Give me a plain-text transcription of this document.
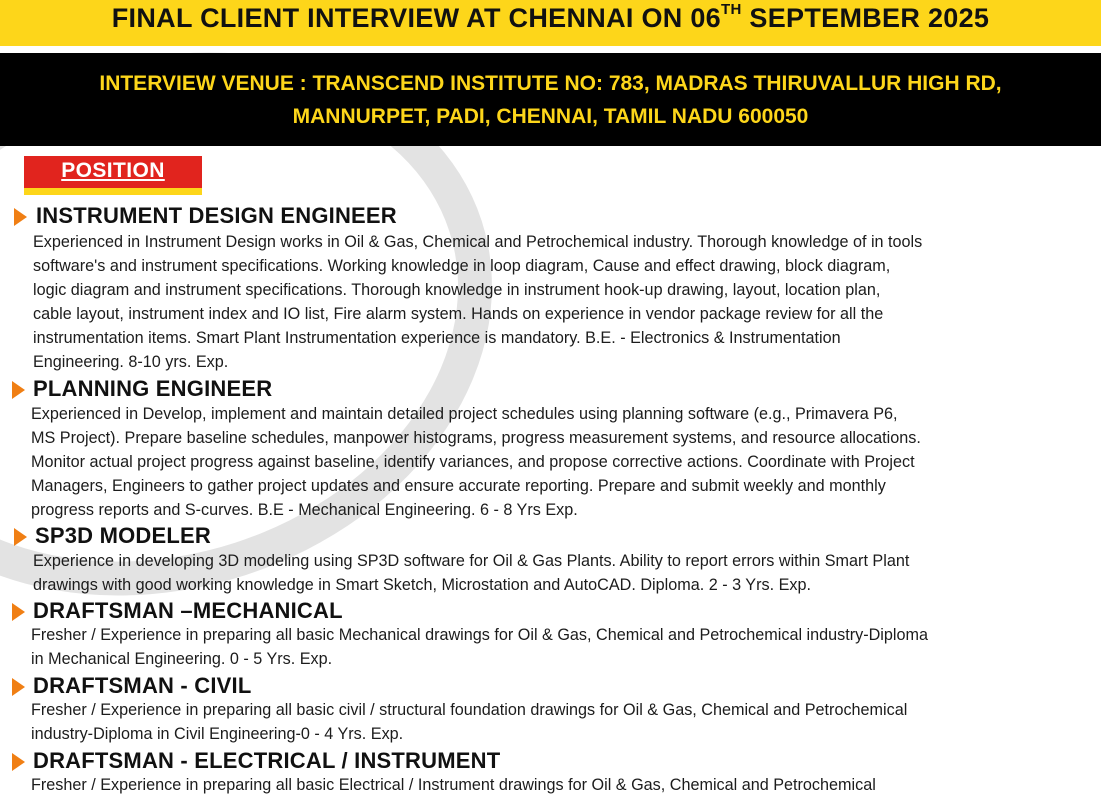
FINAL CLIENT INTERVIEW AT CHENNAI ON 06TH SEPTEMBER 2025
INTERVIEW VENUE : TRANSCEND INSTITUTE NO: 783, MADRAS THIRUVALLUR HIGH RD,
MANNURPET, PADI, CHENNAI, TAMIL NADU 600050
POSITION
INSTRUMENT DESIGN ENGINEER
Experienced in Instrument Design works in Oil & Gas, Chemical and Petrochemical industry. Thorough knowledge of in tools
software's and instrument specifications. Working knowledge in loop diagram, Cause and effect drawing, block diagram,
logic diagram and instrument specifications. Thorough knowledge in instrument hook-up drawing, layout, location plan,
cable layout, instrument index and IO list, Fire alarm system. Hands on experience in vendor package review for all the
instrumentation items. Smart Plant Instrumentation experience is mandatory. B.E. - Electronics & Instrumentation
Engineering. 8-10 yrs. Exp.
PLANNING ENGINEER
Experienced in Develop, implement and maintain detailed project schedules using planning software (e.g., Primavera P6,
MS Project). Prepare baseline schedules, manpower histograms, progress measurement systems, and resource allocations.
Monitor actual project progress against baseline, identify variances, and propose corrective actions. Coordinate with Project
Managers, Engineers to gather project updates and ensure accurate reporting. Prepare and submit weekly and monthly
progress reports and S-curves. B.E - Mechanical Engineering. 6 - 8 Yrs Exp.
SP3D MODELER
Experience in developing 3D modeling using SP3D software for Oil & Gas Plants. Ability to report errors within Smart Plant
drawings with good working knowledge in Smart Sketch, Microstation and AutoCAD. Diploma. 2 - 3 Yrs. Exp.
DRAFTSMAN –MECHANICAL
Fresher / Experience in preparing all basic Mechanical drawings for Oil & Gas, Chemical and Petrochemical industry-Diploma
in Mechanical Engineering. 0 - 5 Yrs. Exp.
DRAFTSMAN - CIVIL
Fresher / Experience in preparing all basic civil / structural foundation drawings for Oil & Gas, Chemical and Petrochemical
industry-Diploma in Civil Engineering-0 - 4 Yrs. Exp.
DRAFTSMAN - ELECTRICAL / INSTRUMENT
Fresher / Experience in preparing all basic Electrical / Instrument drawings for Oil & Gas, Chemical and Petrochemical
